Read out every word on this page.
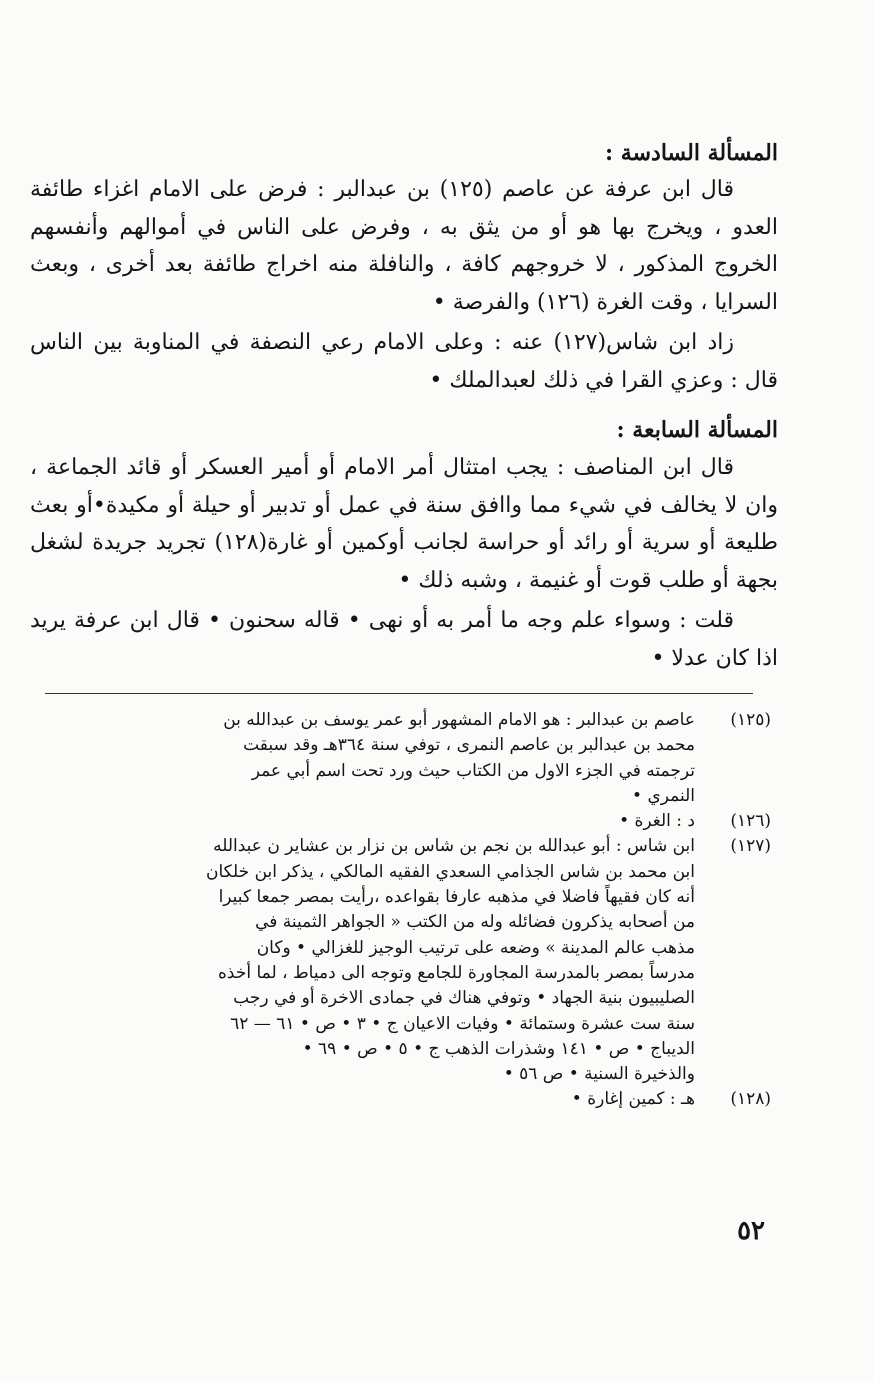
المسألة السادسة :

قال ابن عرفة عن عاصم (١٢٥) بن عبدالبر : فرض على الامام اغزاء طائفة العدو ، ويخرج بها هو أو من يثق به ، وفرض على الناس في أموالهم وأنفسهم الخروج المذكور ، لا خروجهم كافة ، والنافلة منه اخراج طائفة بعد أخرى ، وبعث السرايا ، وقت الغرة (١٢٦) والفرصة •

زاد ابن شاس(١٢٧) عنه : وعلى الامام رعي النصفة في المناوبة بين الناس قال : وعزي القرا في ذلك لعبدالملك •

المسألة السابعة :

قال ابن المناصف : يجب امتثال أمر الامام أو أمير العسكر أو قائد الجماعة ، وان لا يخالف في شيء مما واافق سنة في عمل أو تدبير أو حيلة أو مكيدة•أو بعث طليعة أو سرية أو رائد أو حراسة لجانب أوكمين أو غارة(١٢٨) تجريد جريدة لشغل بجهة أو طلب قوت أو غنيمة ، وشبه ذلك •

قلت : وسواء علم وجه ما أمر به أو نهى • قاله سحنون • قال ابن عرفة يريد اذا كان عدلا •

(١٢٥)
عاصم بن عبدالبر : هو الامام المشهور أبو عمر يوسف بن عبدالله بن
محمد بن عبدالبر بن عاصم النمرى ، توفي سنة ٣٦٤هـ وقد سبقت
ترجمته في الجزء الاول من الكتاب حيث ورد تحت اسم أبي عمر
النمري •
(١٢٦)
د : الغرة •
(١٢٧)
ابن شاس : أبو عبدالله بن نجم بن شاس بن نزار بن عشاير ن عبدالله
ابن محمد بن شاس الجذامي السعدي الفقيه المالكي ، يذكر ابن خلكان
أنه كان فقيهاً فاضلا في مذهبه عارفا بقواعده ،رأيت بمصر جمعا كبيرا
من أصحابه يذكرون فضائله وله من الكتب « الجواهر الثمينة في
مذهب عالم المدينة » وضعه على ترتيب الوجيز للغزالي • وكان
مدرساً بمصر بالمدرسة المجاورة للجامع وتوجه الى دمياط ، لما أخذه
الصليبيون بنية الجهاد • وتوفي هناك في جمادى الاخرة أو في رجب
سنة ست عشرة وستمائة • وفيات الاعيان ج • ٣ • ص • ٦١ — ٦٢
الديباج • ص • ١٤١ وشذرات الذهب ج • ٥ • ص • ٦٩ •
والذخيرة السنية • ص ٥٦ •
(١٢٨)
هـ : كمين إغارة •
٥٢
